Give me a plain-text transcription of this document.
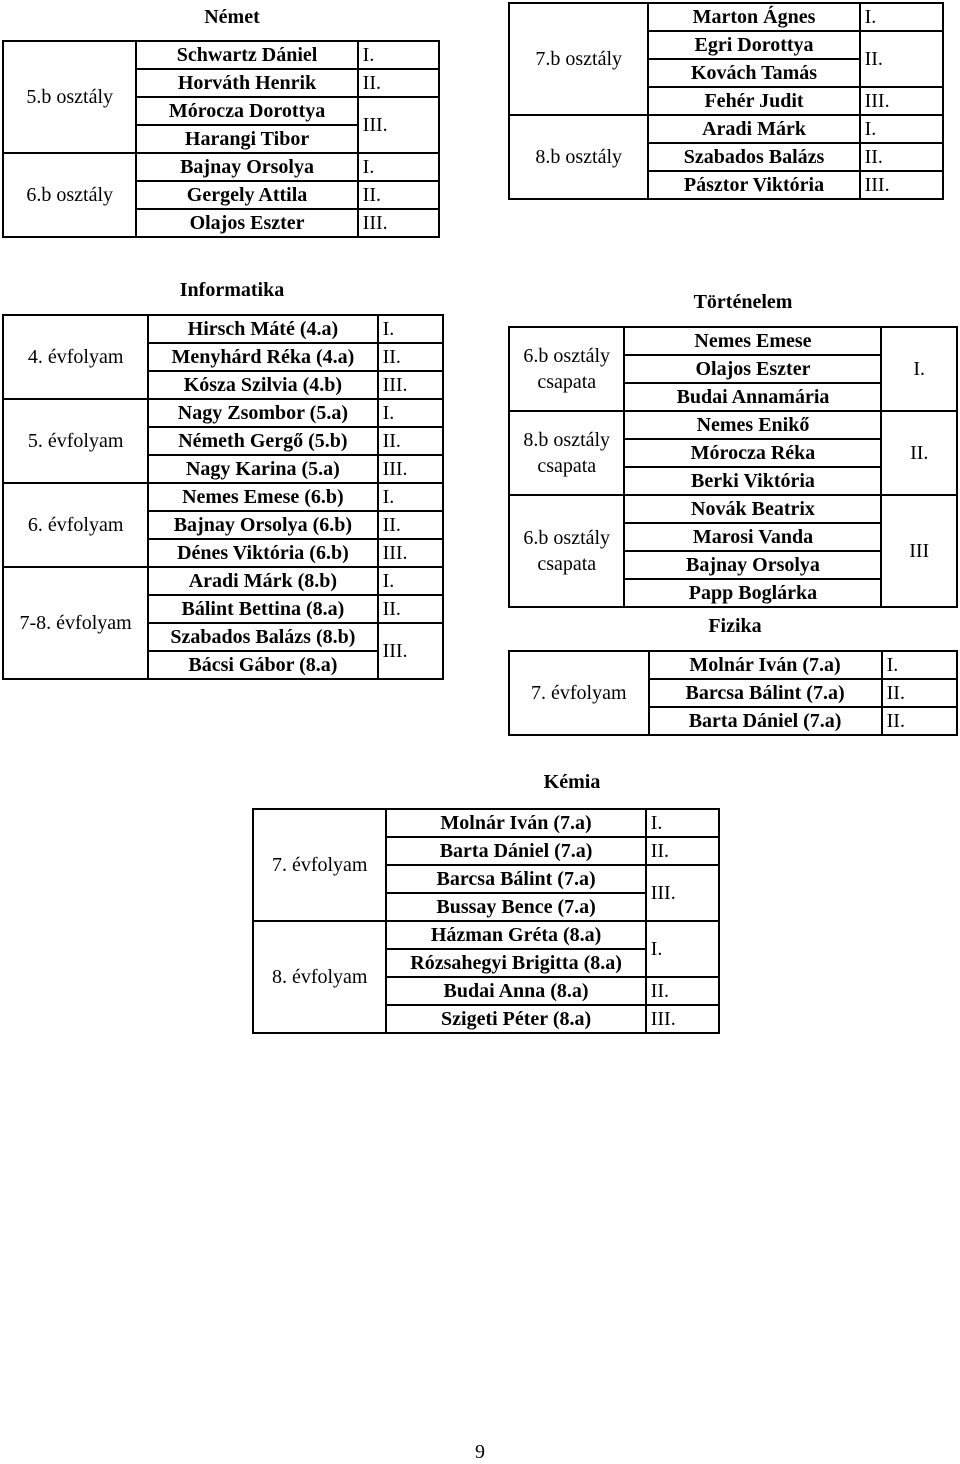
Német
5.b osztály	Schwartz Dániel	I.
	Horváth Henrik	II.
	Mórocza Dorottya	III.
	Harangi Tibor	
6.b osztály	Bajnay Orsolya	I.
	Gergely Attila	II.
	Olajos Eszter	III.
7.b osztály	Marton Ágnes	I.
	Egri Dorottya	II.
	Kovách Tamás	
	Fehér Judit	III.
8.b osztály	Aradi Márk	I.
	Szabados Balázs	II.
	Pásztor Viktória	III.
Informatika
4. évfolyam	Hirsch Máté (4.a)	I.
	Menyhárd Réka (4.a)	II.
	Kósza Szilvia (4.b)	III.
5. évfolyam	Nagy Zsombor (5.a)	I.
	Németh Gergő (5.b)	II.
	Nagy Karina (5.a)	III.
6. évfolyam	Nemes Emese (6.b)	I.
	Bajnay Orsolya (6.b)	II.
	Dénes Viktória (6.b)	III.
7-8. évfolyam	Aradi Márk (8.b)	I.
	Bálint Bettina (8.a)	II.
	Szabados Balázs (8.b)	III.
	Bácsi Gábor (8.a)	
Történelem
6.b osztály csapata	Nemes Emese	I.
	Olajos Eszter	
	Budai Annamária	
8.b osztály csapata	Nemes Enikő	II.
	Mórocza Réka	
	Berki Viktória	
6.b osztály csapata	Novák Beatrix	III
	Marosi Vanda	
	Bajnay Orsolya	
	Papp Boglárka	
Fizika
7. évfolyam	Molnár Iván (7.a)	I.
	Barcsa Bálint (7.a)	II.
	Barta Dániel (7.a)	II.
Kémia
7. évfolyam	Molnár Iván (7.a)	I.
	Barta Dániel (7.a)	II.
	Barcsa Bálint (7.a)	III.
	Bussay Bence (7.a)	
8. évfolyam	Házman Gréta (8.a)	I.
	Rózsahegyi Brigitta (8.a)	
	Budai Anna (8.a)	II.
	Szigeti Péter (8.a)	III.
9
